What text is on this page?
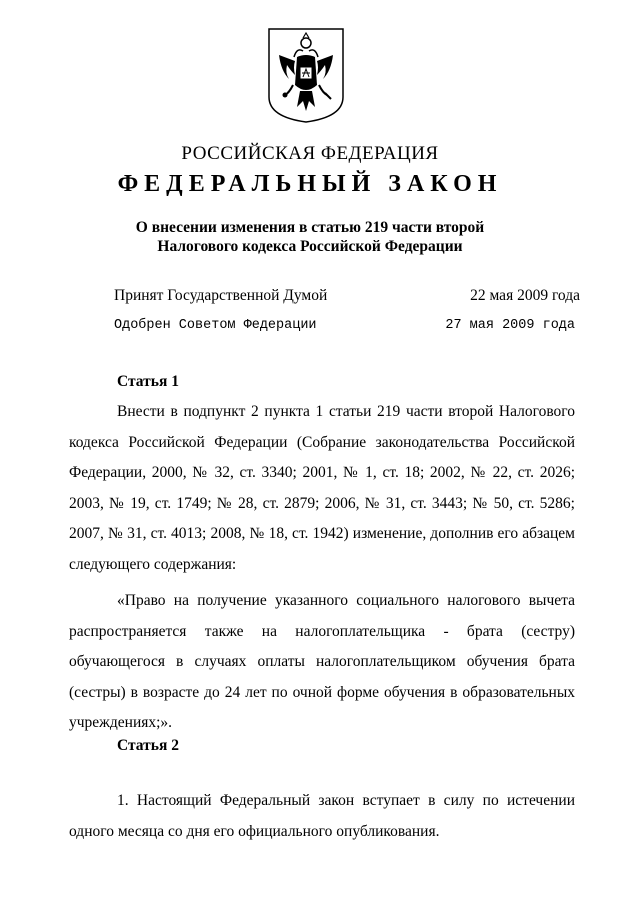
РОССИЙСКАЯ ФЕДЕРАЦИЯ
ФЕДЕРАЛЬНЫЙ ЗАКОН
О внесении изменения в статью 219 части второй
Налогового кодекса Российской Федерации
Принят Государственной Думой	22 мая 2009 года
Одобрен Советом Федерации	27 мая 2009 года
Статья 1

Внести в подпункт 2 пункта 1 статьи 219 части второй Налогового кодекса Российской Федерации (Собрание законодательства Российской Федерации, 2000, № 32, ст. 3340; 2001, № 1, ст. 18; 2002, № 22, ст. 2026; 2003, № 19, ст. 1749; № 28, ст. 2879; 2006, № 31, ст. 3443; № 50, ст. 5286; 2007, № 31, ст. 4013; 2008, № 18, ст. 1942) изменение, дополнив его абзацем следующего содержания:

«Право на получение указанного социального налогового вычета распространяется также на налогоплательщика - брата (сестру) обучающегося в случаях оплаты налогоплательщиком обучения брата (сестры) в возрасте до 24 лет по очной форме обучения в образовательных учреждениях;».

Статья 2

1. Настоящий Федеральный закон вступает в силу по истечении одного месяца со дня его официального опубликования.
